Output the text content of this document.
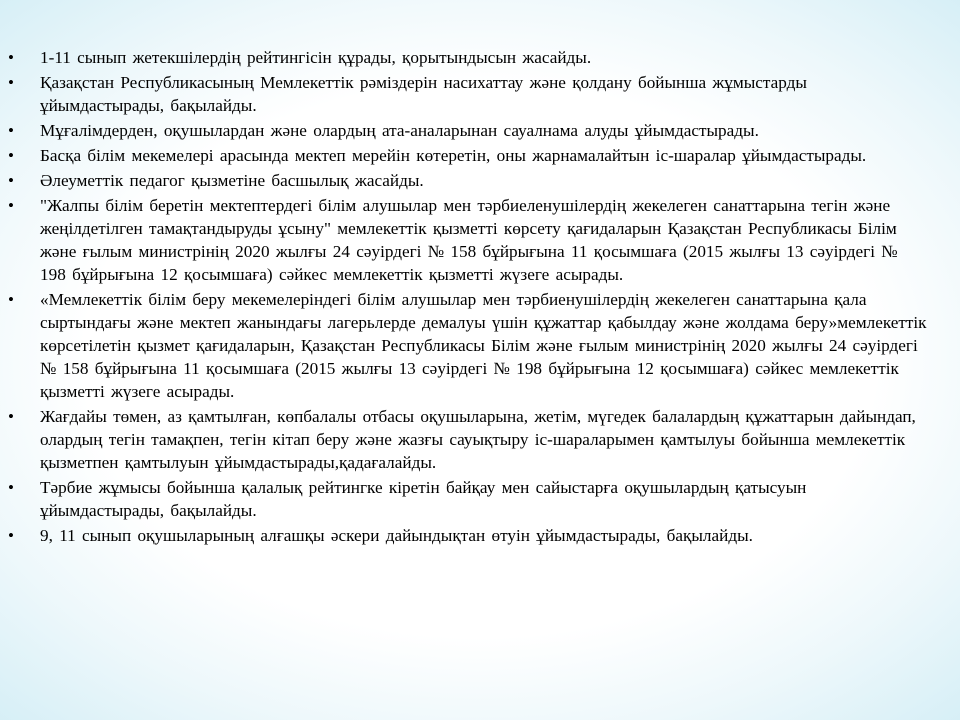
•	1-11 сынып жетекшілердің рейтингісін құрады, қорытындысын жасайды.
•	Қазақстан Республикасының Мемлекеттік рәміздерін насихаттау және қолдану бойынша жұмыстарды ұйымдастырады, бақылайды.
•	Мұғалімдерден, оқушылардан және олардың ата-аналарынан сауалнама алуды ұйымдастырады.
•	Басқа білім мекемелері арасында мектеп мерейін көтеретін, оны жарнамалайтын іс-шаралар ұйымдастырады.
•	Әлеуметтік педагог қызметіне басшылық жасайды.
•	"Жалпы білім беретін мектептердегі білім алушылар мен тәрбиеленушілердің жекелеген санаттарына тегін және жеңілдетілген тамақтандыруды ұсыну" мемлекеттік қызметті көрсету қағидаларын Қазақстан Республикасы Білім және ғылым министрінің 2020 жылғы 24 сәуірдегі № 158 бұйрығына 11 қосымшаға (2015 жылғы 13 сәуірдегі № 198 бұйрығына 12 қосымшаға) сәйкес мемлекеттік қызметті жүзеге асырады.
•	«Мемлекеттік білім беру мекемелеріндегі білім алушылар мен тәрбиенушілердің жекелеген санаттарына қала сыртындағы және мектеп жанындағы лагерьлерде демалуы үшін құжаттар қабылдау және жолдама беру»мемлекеттік көрсетілетін қызмет қағидаларын, Қазақстан Республикасы Білім және ғылым министрінің 2020 жылғы 24 сәуірдегі № 158 бұйрығына 11 қосымшаға (2015 жылғы 13 сәуірдегі № 198 бұйрығына 12 қосымшаға) сәйкес мемлекеттік қызметті жүзеге асырады.
•	Жағдайы төмен, аз қамтылған, көпбалалы отбасы оқушыларына, жетім, мүгедек балалардың құжаттарын дайындап, олардың тегін тамақпен, тегін кітап беру және жазғы сауықтыру іс-шараларымен қамтылуы бойынша мемлекеттік қызметпен қамтылуын ұйымдастырады,қадағалайды.
•	Тәрбие жұмысы бойынша қалалық рейтингке кіретін байқау мен сайыстарға оқушылардың қатысуын ұйымдастырады, бақылайды.
•	9, 11 сынып оқушыларының алғашқы әскери дайындықтан өтуін ұйымдастырады, бақылайды.
